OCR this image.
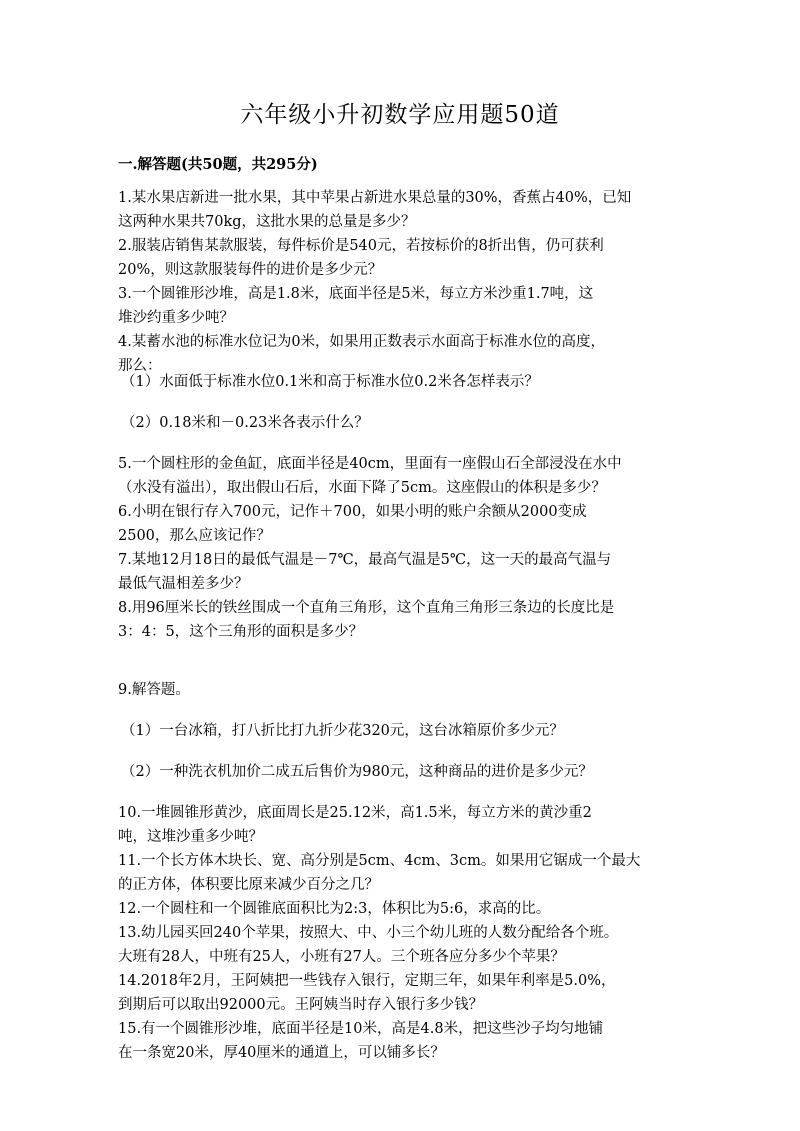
六年级小升初数学应用题50道
一.解答题(共50题，共295分)
1.某水果店新进一批水果，其中苹果占新进水果总量的30%，香蕉占40%，已知
这两种水果共70kg，这批水果的总量是多少？
2.服装店销售某款服装，每件标价是540元，若按标价的8折出售，仍可获利
20%，则这款服装每件的进价是多少元？
3.一个圆锥形沙堆，高是1.8米，底面半径是5米，每立方米沙重1.7吨，这
堆沙约重多少吨？
4.某蓄水池的标准水位记为0米，如果用正数表示水面高于标准水位的高度，
那么：
（1）水面低于标准水位0.1米和高于标准水位0.2米各怎样表示？
（2）0.18米和－0.23米各表示什么？
5.一个圆柱形的金鱼缸，底面半径是40cm，里面有一座假山石全部浸没在水中
（水没有溢出），取出假山石后，水面下降了5cm。这座假山的体积是多少？
6.小明在银行存入700元，记作＋700，如果小明的账户余额从2000变成
2500，那么应该记作？
7.某地12月18日的最低气温是－7℃，最高气温是5℃，这一天的最高气温与
最低气温相差多少？
8.用96厘米长的铁丝围成一个直角三角形，这个直角三角形三条边的长度比是
3：4：5，这个三角形的面积是多少？
9.解答题。
（1）一台冰箱，打八折比打九折少花320元，这台冰箱原价多少元？
（2）一种洗衣机加价二成五后售价为980元，这种商品的进价是多少元？
10.一堆圆锥形黄沙，底面周长是25.12米，高1.5米，每立方米的黄沙重2
吨，这堆沙重多少吨？
11.一个长方体木块长、宽、高分别是5cm、4cm、3cm。如果用它锯成一个最大
的正方体，体积要比原来减少百分之几？
12.一个圆柱和一个圆锥底面积比为2:3，体积比为5:6，求高的比。
13.幼儿园买回240个苹果，按照大、中、小三个幼儿班的人数分配给各个班。
大班有28人，中班有25人，小班有27人。三个班各应分多少个苹果？
14.2018年2月，王阿姨把一些钱存入银行，定期三年，如果年利率是5.0%，
到期后可以取出92000元。王阿姨当时存入银行多少钱？
15.有一个圆锥形沙堆，底面半径是10米，高是4.8米，把这些沙子均匀地铺
在一条宽20米，厚40厘米的通道上，可以铺多长？
